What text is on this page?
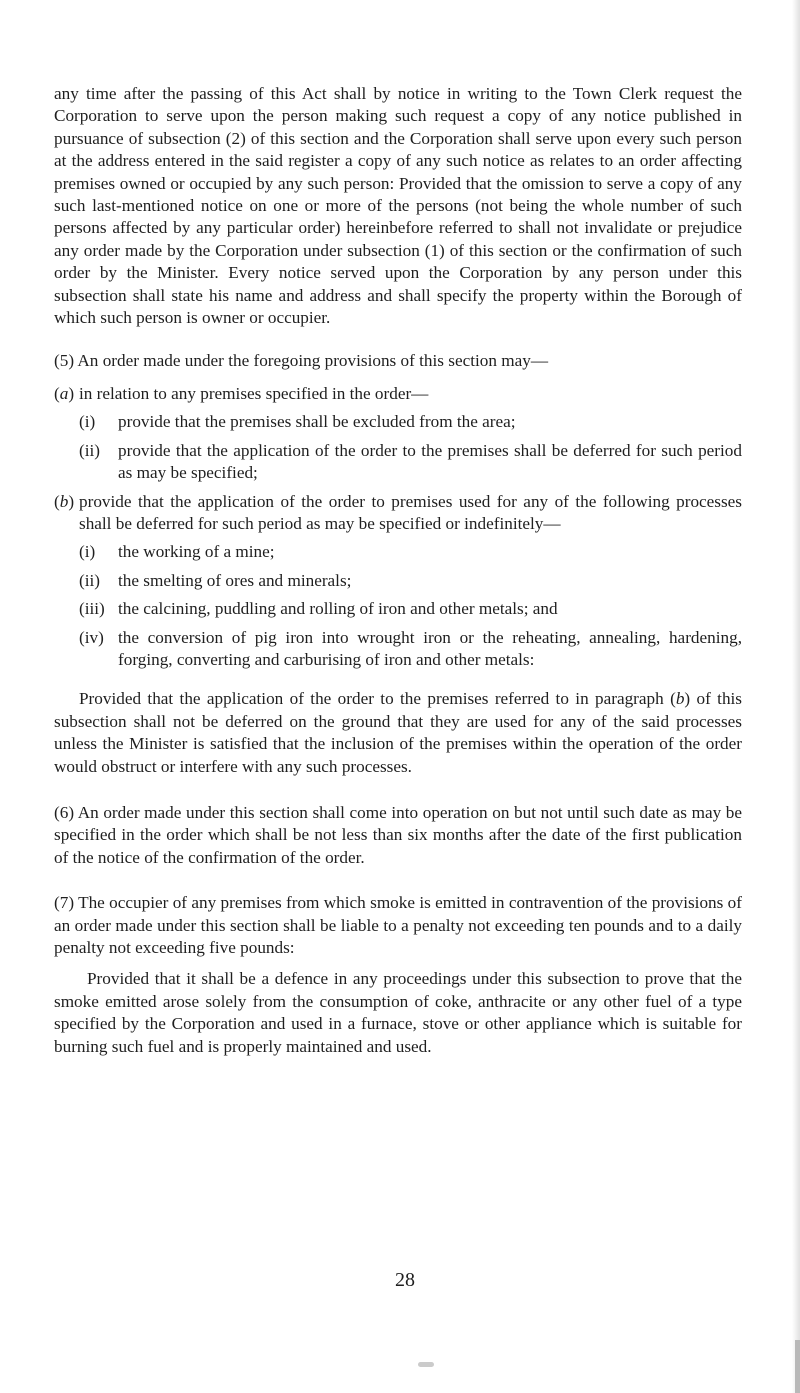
any time after the passing of this Act shall by notice in writing to the Town Clerk request the Corporation to serve upon the person making such request a copy of any notice published in pursuance of subsection (2) of this section and the Corporation shall serve upon every such person at the address entered in the said register a copy of any such notice as relates to an order affecting premises owned or occupied by any such person: Provided that the omission to serve a copy of any such last-mentioned notice on one or more of the persons (not being the whole number of such persons affected by any particular order) hereinbefore referred to shall not invalidate or prejudice any order made by the Corporation under subsection (1) of this section or the confirmation of such order by the Minister. Every notice served upon the Corporation by any person under this subsection shall state his name and address and shall specify the property within the Borough of which such person is owner or occupier.

(5) An order made under the foregoing provisions of this section may—

(a) in relation to any premises specified in the order—
(i)	provide that the premises shall be excluded from the area;
(ii)	provide that the application of the order to the premises shall be deferred for such period as may be specified;
(b) provide that the application of the order to premises used for any of the following processes shall be deferred for such period as may be specified or indefinitely—
(i)	the working of a mine;
(ii)	the smelting of ores and minerals;
(iii) the calcining, puddling and rolling of iron and other metals; and
(iv) the conversion of pig iron into wrought iron or the reheating, annealing, hardening, forging, converting and carburising of iron and other metals:

Provided that the application of the order to the premises referred to in paragraph (b) of this subsection shall not be deferred on the ground that they are used for any of the said processes unless the Minister is satisfied that the inclusion of the premises within the operation of the order would obstruct or interfere with any such processes.

(6) An order made under this section shall come into operation on but not until such date as may be specified in the order which shall be not less than six months after the date of the first publication of the notice of the confirmation of the order.

(7) The occupier of any premises from which smoke is emitted in contravention of the provisions of an order made under this section shall be liable to a penalty not exceeding ten pounds and to a daily penalty not exceeding five pounds:

Provided that it shall be a defence in any proceedings under this subsection to prove that the smoke emitted arose solely from the consumption of coke, anthracite or any other fuel of a type specified by the Corporation and used in a furnace, stove or other appliance which is suitable for burning such fuel and is properly maintained and used.

28
